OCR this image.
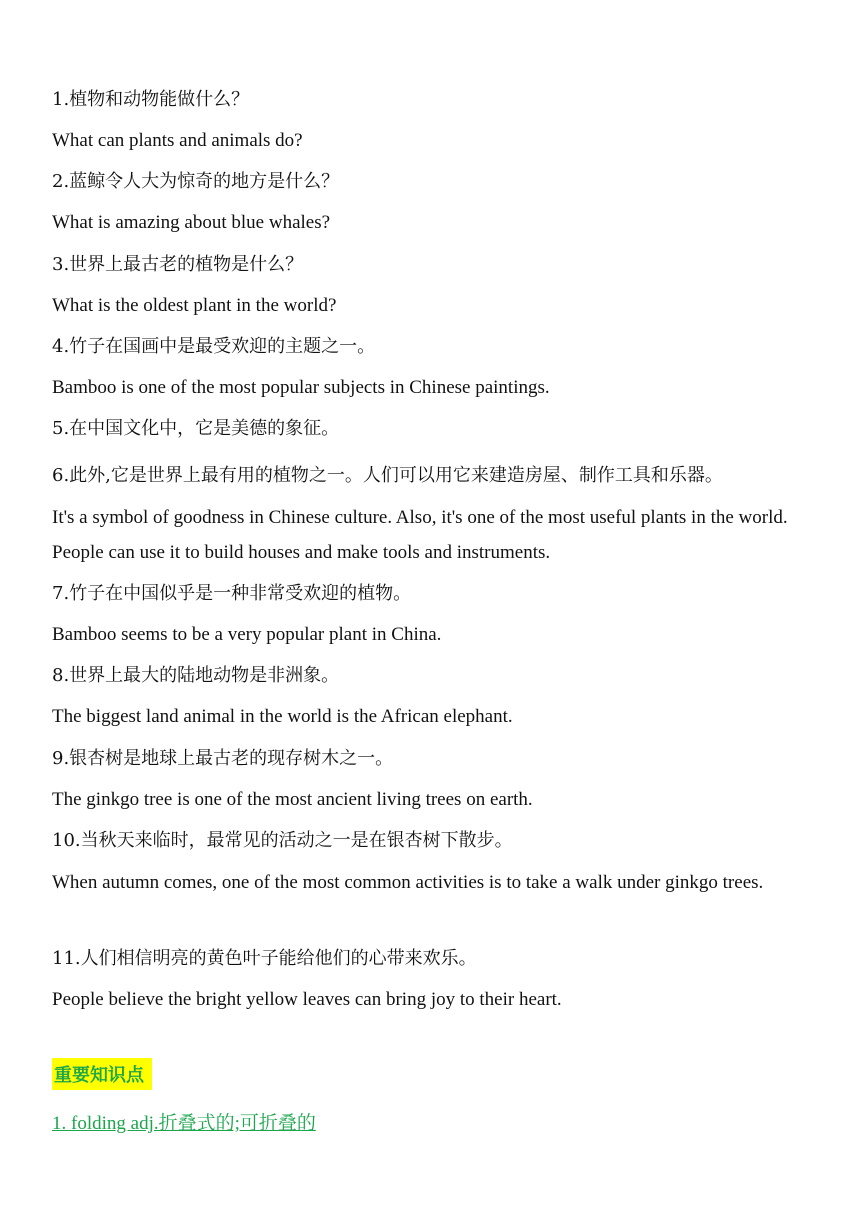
1.植物和动物能做什么？
What can plants and animals do?
2.蓝鲸令人大为惊奇的地方是什么？
What is amazing about blue whales?
3.世界上最古老的植物是什么？
What is the oldest plant in the world?
4.竹子在国画中是最受欢迎的主题之一。
Bamboo is one of the most popular subjects in Chinese paintings.
5.在中国文化中，它是美德的象征。
6.此外,它是世界上最有用的植物之一。人们可以用它来建造房屋、制作工具和乐器。
It's a symbol of goodness in Chinese culture. Also, it's one of the most useful plants in the world. People can use it to build houses and make tools and instruments.
7.竹子在中国似乎是一种非常受欢迎的植物。
Bamboo seems to be a very popular plant in China.
8.世界上最大的陆地动物是非洲象。
The biggest land animal in the world is the African elephant.
9.银杏树是地球上最古老的现存树木之一。
The ginkgo tree is one of the most ancient living trees on earth.
10.当秋天来临时，最常见的活动之一是在银杏树下散步。
When autumn comes, one of the most common activities is to take a walk under ginkgo trees.
11.人们相信明亮的黄色叶子能给他们的心带来欢乐。
People believe the bright yellow leaves can bring joy to their heart.
重要知识点
1. folding adj.折叠式的;可折叠的
